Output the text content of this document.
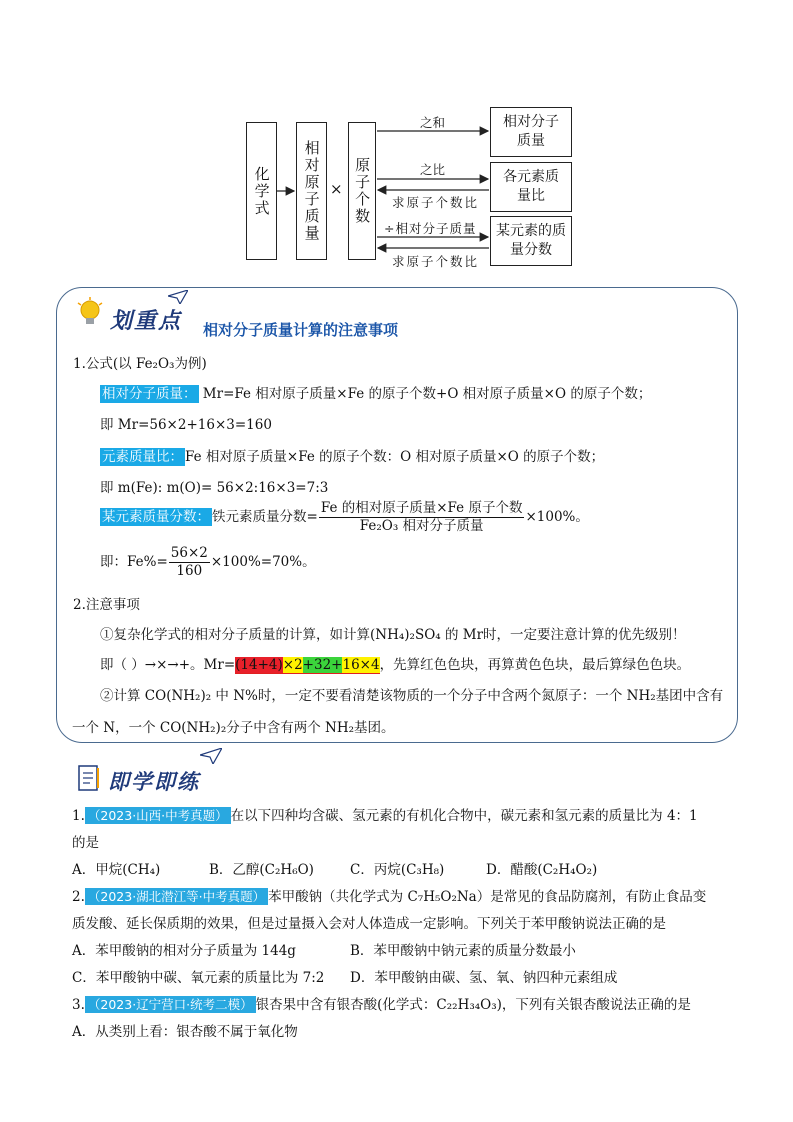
化学式 相对原子质量 × 原子个数
相对分子质量
各元素质量比
某元素的质量分数
之和
之比
求原子个数比
÷相对分子质量
求原子个数比
划重点 相对分子质量计算的注意事项
1.公式(以 Fe₂O₃为例)
相对分子质量： Mr=Fe 相对原子质量×Fe 的原子个数+O 相对原子质量×O 的原子个数；
即 Mr=56×2+16×3=160
元素质量比： Fe 相对原子质量×Fe 的原子个数：O 相对原子质量×O 的原子个数；
即 m(Fe): m(O)= 56×2:16×3=7:3
某元素质量分数： 铁元素质量分数= $\frac{\text{Fe 的相对原子质量×Fe 原子个数}}{\text{Fe₂O₃ 相对分子质量}} \times 100\%$。
即：$Fe\%= \frac{56\times 2}{160} \times 100\%=70\%$。
2.注意事项
①复杂化学式的相对分子质量的计算，如计算(NH₄)₂SO₄ 的 Mr时，一定要注意计算的优先级别！
即（ ）→×→+。Mr=(14+4)×2+32+16×4，先算红色色块，再算黄色色块，最后算绿色色块。
②计算 CO(NH₂)₂ 中 N%时，一定不要看清楚该物质的一个分子中含两个氮原子：一个 NH₂基团中含有
一个 N，一个 CO(NH₂)₂分子中含有两个 NH₂基团。
即学即练
1. （2023·山西·中考真题） 在以下四种均含碳、氢元素的有机化合物中，碳元素和氢元素的质量比为 4：1
的是
A．甲烷(CH₄)	B．乙醇(C₂H₆O)	C．丙烷(C₃H₈)	D．醋酸(C₂H₄O₂)
2. （2023·湖北潜江等·中考真题） 苯甲酸钠（共化学式为 C₇H₅O₂Na）是常见的食品防腐剂，有防止食品变
质发酸、延长保质期的效果，但是过量摄入会对人体造成一定影响。下列关于苯甲酸钠说法正确的是
A．苯甲酸钠的相对分子质量为 144g	B．苯甲酸钠中钠元素的质量分数最小
C．苯甲酸钠中碳、氧元素的质量比为 7:2 D．苯甲酸钠由碳、氢、氧、钠四种元素组成
3. （2023·辽宁营口·统考二模） 银杏果中含有银杏酸(化学式：C₂₂H₃₄O₃)，下列有关银杏酸说法正确的是
A．从类别上看：银杏酸不属于氧化物
